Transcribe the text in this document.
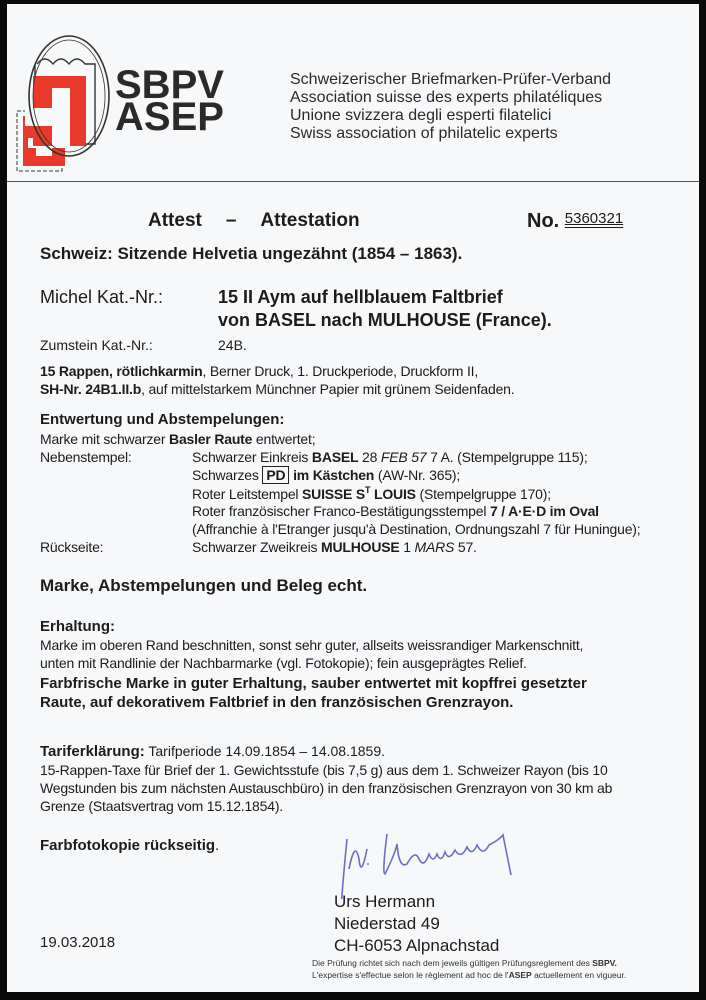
SBPV
ASEP
Schweizerischer Briefmarken-Prüfer-Verband
Association suisse des experts philatéliques
Unione svizzera degli esperti filatelici
Swiss association of philatelic experts
Attest – Attestation	No. $^{5360321}$
Schweiz: Sitzende Helvetia ungezähnt (1854 – 1863).
Michel Kat.-Nr.:	15 II Aym auf hellblauem Faltbrief
von BASEL nach MULHOUSE (France).
Zumstein Kat.-Nr.:	24B.
15 Rappen, rötlichkarmin, Berner Druck, 1. Druckperiode, Druckform II,
SH-Nr. 24B1.II.b, auf mittelstarkem Münchner Papier mit grünem Seidenfaden.
Entwertung und Abstempelungen:
Marke mit schwarzer Basler Raute entwertet;
Nebenstempel:	Schwarzer Einkreis BASEL 28 FEB 57 7 A. (Stempelgruppe 115);
Schwarzes PD im Kästchen (AW-Nr. 365);
Roter Leitstempel SUISSE $S^T$ LOUIS (Stempelgruppe 170);
Roter französischer Franco-Bestätigungsstempel 7 / A·E·D im Oval
(Affranchie à l'Etranger jusqu'à Destination, Ordnungszahl 7 für Huningue);
Rückseite:	Schwarzer Zweikreis MULHOUSE 1 MARS 57.
Marke, Abstempelungen und Beleg echt.
Erhaltung:
Marke im oberen Rand beschnitten, sonst sehr guter, allseits weissrandiger Markenschnitt,
unten mit Randlinie der Nachbarmarke (vgl. Fotokopie); fein ausgeprägtes Relief.
Farbfrische Marke in guter Erhaltung, sauber entwertet mit kopffrei gesetzter
Raute, auf dekorativem Faltbrief in den französischen Grenzrayon.
Tariferklärung: Tarifperiode 14.09.1854 – 14.08.1859.
15-Rappen-Taxe für Brief der 1. Gewichtsstufe (bis 7,5 g) aus dem 1. Schweizer Rayon (bis 10
Wegstunden bis zum nächsten Austauschbüro) in den französischen Grenzrayon von 30 km ab
Grenze (Staatsvertrag vom 15.12.1854).
Farbfotokopie rückseitig.
Urs Hermann
Niederstad 49
CH-6053 Alpnachstad
19.03.2018
Die Prüfung richtet sich nach dem jeweils gültigen Prüfungsreglement des SBPV.
L'expertise s'effectue selon le règlement ad hoc de l'ASEP actuellement en vigueur.
